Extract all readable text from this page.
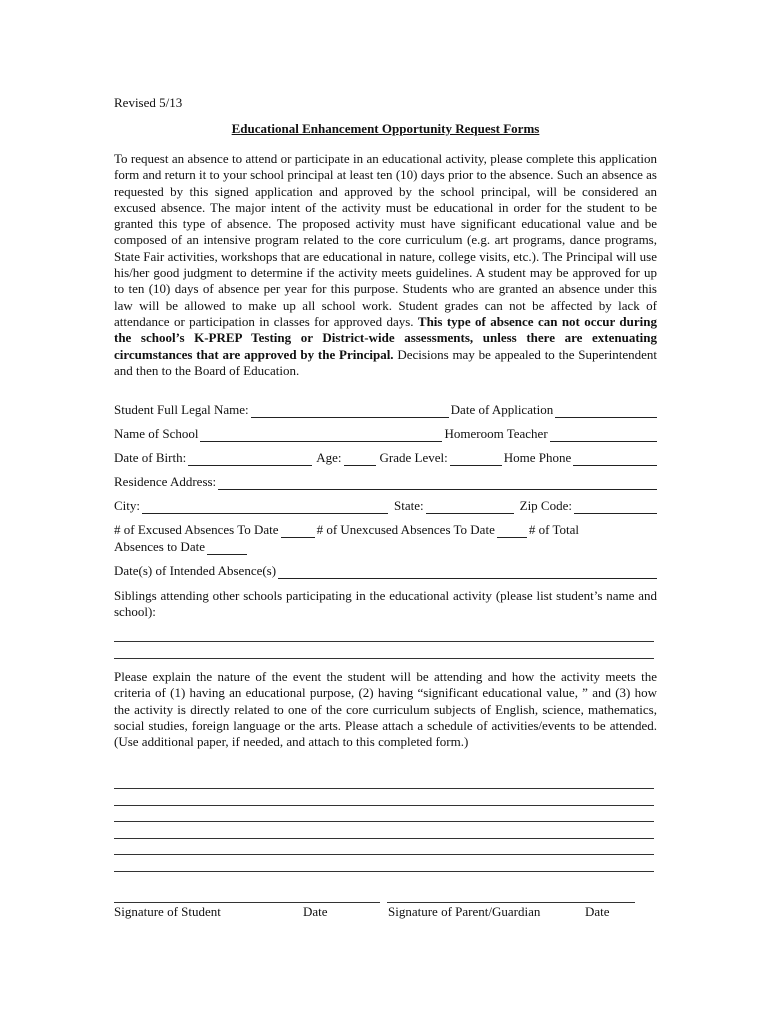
Revised 5/13
Educational Enhancement Opportunity Request Forms

To request an absence to attend or participate in an educational activity, please complete this application form and return it to your school principal at least ten (10) days prior to the absence. Such an absence as requested by this signed application and approved by the school principal, will be considered an excused absence. The major intent of the activity must be educational in order for the student to be granted this type of absence. The proposed activity must have significant educational value and be composed of an intensive program related to the core curriculum (e.g. art programs, dance programs, State Fair activities, workshops that are educational in nature, college visits, etc.). The Principal will use his/her good judgment to determine if the activity meets guidelines. A student may be approved for up to ten (10) days of absence per year for this purpose. Students who are granted an absence under this law will be allowed to make up all school work. Student grades can not be affected by lack of attendance or participation in classes for approved days. This type of absence can not occur during the school’s K-PREP Testing or District-wide assessments, unless there are extenuating circumstances that are approved by the Principal. Decisions may be appealed to the Superintendent and then to the Board of Education.

Student Full Legal Name:	Date of Application
Name of School	Homeroom Teacher
Date of Birth:	Age:	Grade Level:	Home Phone
Residence Address:
City:	State:	Zip Code:
# of Excused Absences To Date	# of Unexcused Absences To Date	# of Total
Absences to Date
Date(s) of Intended Absence(s)

Siblings attending other schools participating in the educational activity (please list student’s name and school):

Please explain the nature of the event the student will be attending and how the activity meets the criteria of (1) having an educational purpose, (2) having “significant educational value, ” and (3) how the activity is directly related to one of the core curriculum subjects of English, science, mathematics, social studies, foreign language or the arts. Please attach a schedule of activities/events to be attended. (Use additional paper, if needed, and attach to this completed form.)

Signature of Student	Date	Signature of Parent/Guardian	Date
